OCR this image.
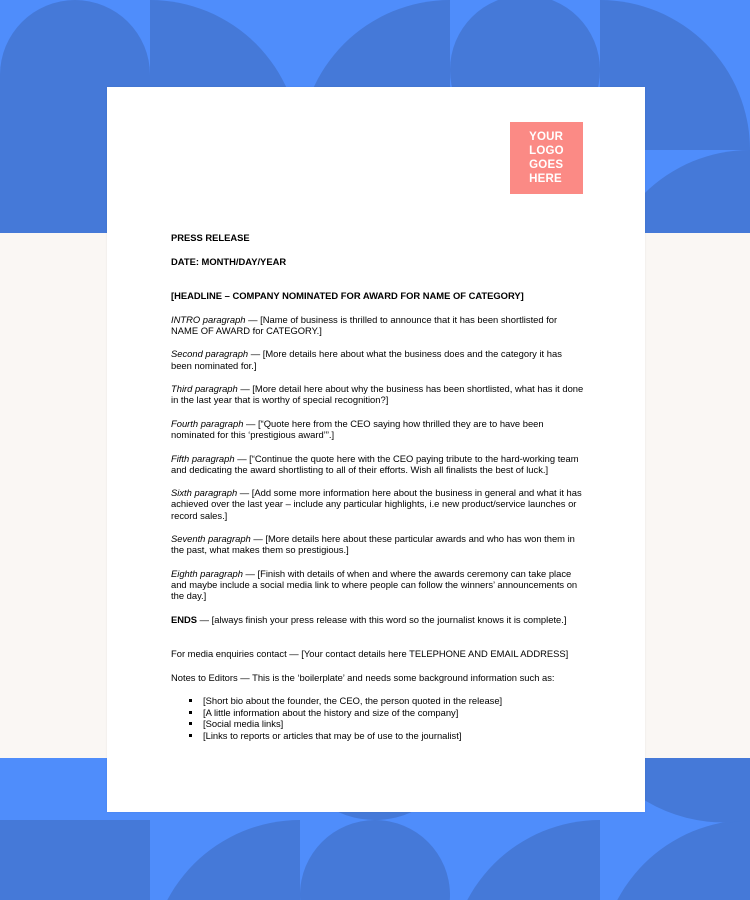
YOUR
LOGO
GOES
HERE

PRESS RELEASE

DATE: MONTH/DAY/YEAR

[HEADLINE – COMPANY NOMINATED FOR AWARD FOR NAME OF CATEGORY]

INTRO paragraph — [Name of business is thrilled to announce that it has been shortlisted for NAME OF AWARD for CATEGORY.]

Second paragraph — [More details here about what the business does and the category it has been nominated for.]

Third paragraph — [More detail here about why the business has been shortlisted, what has it done in the last year that is worthy of special recognition?]

Fourth paragraph — [“Quote here from the CEO saying how thrilled they are to have been nominated for this ‘prestigious award’”.]

Fifth paragraph — [“Continue the quote here with the CEO paying tribute to the hard-working team and dedicating the award shortlisting to all of their efforts. Wish all finalists the best of luck.]

Sixth paragraph — [Add some more information here about the business in general and what it has achieved over the last year – include any particular highlights, i.e new product/service launches or record sales.]

Seventh paragraph — [More details here about these particular awards and who has won them in the past, what makes them so prestigious.]

Eighth paragraph — [Finish with details of when and where the awards ceremony can take place and maybe include a social media link to where people can follow the winners’ announcements on the day.]

ENDS — [always finish your press release with this word so the journalist knows it is complete.]

For media enquiries contact — [Your contact details here TELEPHONE AND EMAIL ADDRESS]

Notes to Editors — This is the ‘boilerplate’ and needs some background information such as:

[Short bio about the founder, the CEO, the person quoted in the release]
[A little information about the history and size of the company]
[Social media links]
[Links to reports or articles that may be of use to the journalist]
